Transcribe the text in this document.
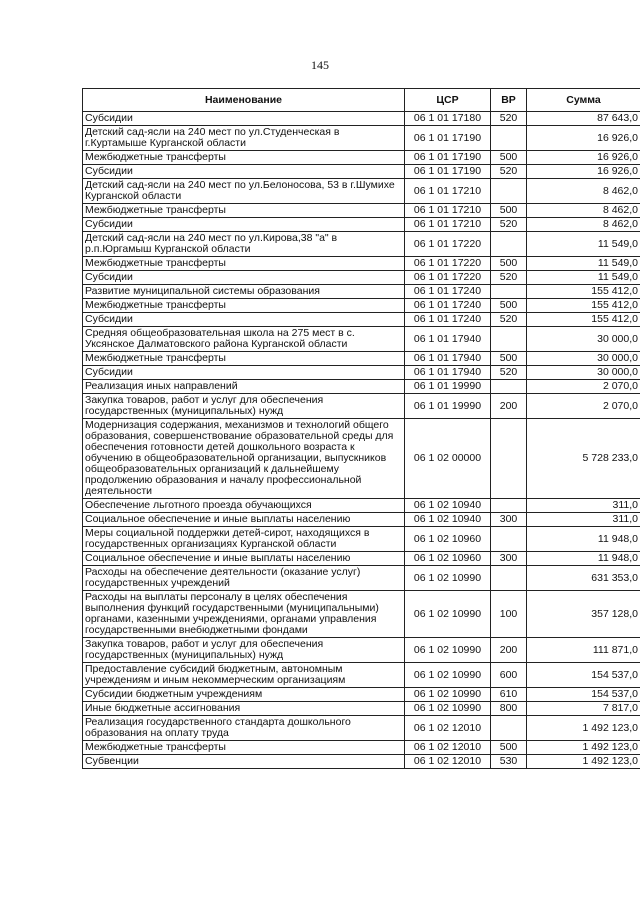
145
Наименование	ЦСР	ВР	Сумма
Субсидии	06 1 01 17180	520	87 643,0
Детский сад-ясли на 240 мест по ул.Студенческая в г.Куртамыше Курганской области	06 1 01 17190		16 926,0
Межбюджетные трансферты	06 1 01 17190	500	16 926,0
Субсидии	06 1 01 17190	520	16 926,0
Детский сад-ясли на 240 мест по ул.Белоносова, 53 в г.Шумихе Курганской области	06 1 01 17210		8 462,0
Межбюджетные трансферты	06 1 01 17210	500	8 462,0
Субсидии	06 1 01 17210	520	8 462,0
Детский сад-ясли на 240 мест по ул.Кирова,38 "а" в р.п.Юргамыш Курганской области	06 1 01 17220		11 549,0
Межбюджетные трансферты	06 1 01 17220	500	11 549,0
Субсидии	06 1 01 17220	520	11 549,0
Развитие муниципальной системы образования	06 1 01 17240		155 412,0
Межбюджетные трансферты	06 1 01 17240	500	155 412,0
Субсидии	06 1 01 17240	520	155 412,0
Средняя общеобразовательная школа на 275 мест в с. Уксянское Далматовского района Курганской области	06 1 01 17940		30 000,0
Межбюджетные трансферты	06 1 01 17940	500	30 000,0
Субсидии	06 1 01 17940	520	30 000,0
Реализация иных направлений	06 1 01 19990		2 070,0
Закупка товаров, работ и услуг для обеспечения государственных (муниципальных) нужд	06 1 01 19990	200	2 070,0
Модернизация содержания, механизмов и технологий общего образования, совершенствование образовательной среды для обеспечения готовности детей дошкольного возраста к обучению в общеобразовательной организации, выпускников общеобразовательных организаций к дальнейшему продолжению образования и началу профессиональной деятельности	06 1 02 00000		5 728 233,0
Обеспечение льготного проезда обучающихся	06 1 02 10940		311,0
Социальное обеспечение и иные выплаты населению	06 1 02 10940	300	311,0
Меры социальной поддержки детей-сирот, находящихся в государственных организациях Курганской области	06 1 02 10960		11 948,0
Социальное обеспечение и иные выплаты населению	06 1 02 10960	300	11 948,0
Расходы на обеспечение деятельности (оказание услуг) государственных учреждений	06 1 02 10990		631 353,0
Расходы на выплаты персоналу в целях обеспечения выполнения функций государственными (муниципальными) органами, казенными учреждениями, органами управления государственными внебюджетными фондами	06 1 02 10990	100	357 128,0
Закупка товаров, работ и услуг для обеспечения государственных (муниципальных) нужд	06 1 02 10990	200	111 871,0
Предоставление субсидий бюджетным, автономным учреждениям и иным некоммерческим организациям	06 1 02 10990	600	154 537,0
Субсидии бюджетным учреждениям	06 1 02 10990	610	154 537,0
Иные бюджетные ассигнования	06 1 02 10990	800	7 817,0
Реализация государственного стандарта дошкольного образования на оплату труда	06 1 02 12010		1 492 123,0
Межбюджетные трансферты	06 1 02 12010	500	1 492 123,0
Субвенции	06 1 02 12010	530	1 492 123,0
